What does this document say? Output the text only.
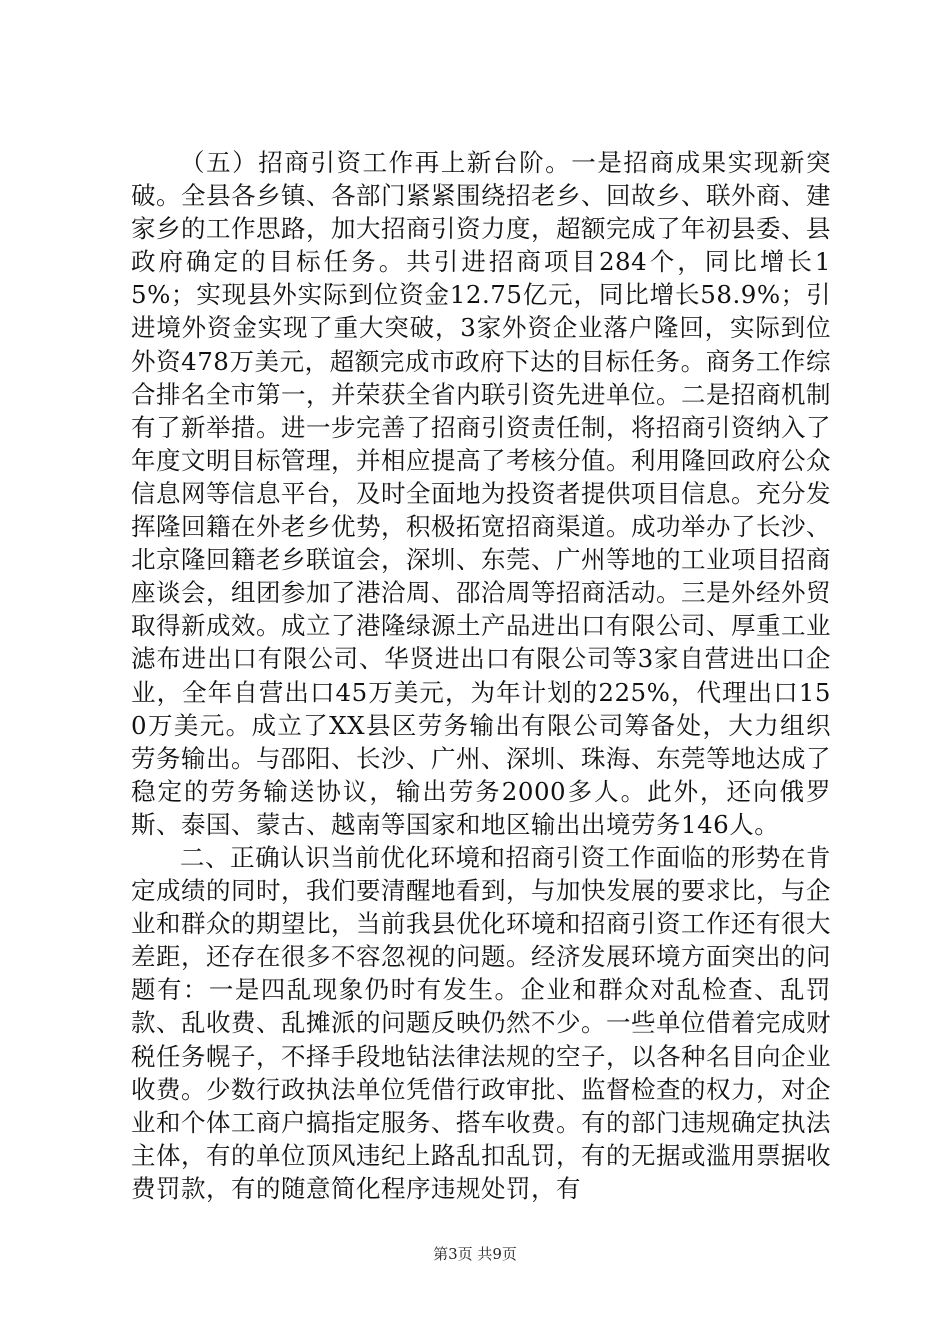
（五）招商引资工作再上新台阶。一是招商成果实现新突破。全县各乡镇、各部门紧紧围绕招老乡、回故乡、联外商、建家乡的工作思路，加大招商引资力度，超额完成了年初县委、县政府确定的目标任务。共引进招商项目284个，同比增长15%；实现县外实际到位资金12.75亿元，同比增长58.9%；引进境外资金实现了重大突破，3家外资企业落户隆回，实际到位外资478万美元，超额完成市政府下达的目标任务。商务工作综合排名全市第一，并荣获全省内联引资先进单位。二是招商机制有了新举措。进一步完善了招商引资责任制，将招商引资纳入了年度文明目标管理，并相应提高了考核分值。利用隆回政府公众信息网等信息平台，及时全面地为投资者提供项目信息。充分发挥隆回籍在外老乡优势，积极拓宽招商渠道。成功举办了长沙、北京隆回籍老乡联谊会，深圳、东莞、广州等地的工业项目招商座谈会，组团参加了港洽周、邵洽周等招商活动。三是外经外贸取得新成效。成立了港隆绿源土产品进出口有限公司、厚重工业滤布进出口有限公司、华贤进出口有限公司等3家自营进出口企业，全年自营出口45万美元，为年计划的225%，代理出口150万美元。成立了XX县区劳务输出有限公司筹备处，大力组织劳务输出。与邵阳、长沙、广州、深圳、珠海、东莞等地达成了稳定的劳务输送协议，输出劳务2000多人。此外，还向俄罗斯、泰国、蒙古、越南等国家和地区输出出境劳务146人。

二、正确认识当前优化环境和招商引资工作面临的形势在肯定成绩的同时，我们要清醒地看到，与加快发展的要求比，与企业和群众的期望比，当前我县优化环境和招商引资工作还有很大差距，还存在很多不容忽视的问题。经济发展环境方面突出的问题有：一是四乱现象仍时有发生。企业和群众对乱检查、乱罚款、乱收费、乱摊派的问题反映仍然不少。一些单位借着完成财税任务幌子，不择手段地钻法律法规的空子，以各种名目向企业收费。少数行政执法单位凭借行政审批、监督检查的权力，对企业和个体工商户搞指定服务、搭车收费。有的部门违规确定执法主体，有的单位顶风违纪上路乱扣乱罚，有的无据或滥用票据收费罚款，有的随意简化程序违规处罚，有

第3页 共9页
